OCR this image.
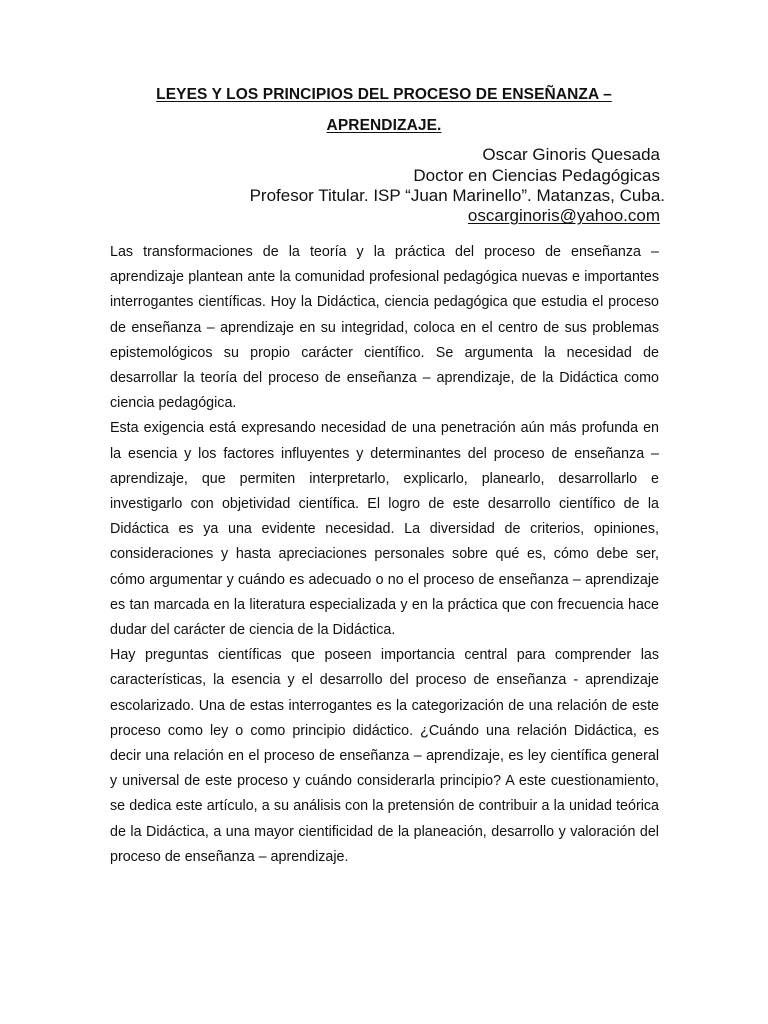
LEYES Y LOS PRINCIPIOS DEL PROCESO DE ENSEÑANZA –
APRENDIZAJE.
Oscar Ginoris Quesada
Doctor en Ciencias Pedagógicas
Profesor Titular. ISP “Juan Marinello”. Matanzas, Cuba.
oscarginoris@yahoo.com

Las transformaciones de la teoría y la práctica del proceso de enseñanza – aprendizaje plantean ante la comunidad profesional pedagógica nuevas e importantes interrogantes científicas. Hoy la Didáctica, ciencia pedagógica que estudia el proceso de enseñanza – aprendizaje en su integridad, coloca en el centro de sus problemas epistemológicos su propio carácter científico. Se argumenta la necesidad de desarrollar la teoría del proceso de enseñanza – aprendizaje, de la Didáctica como ciencia pedagógica.

Esta exigencia está expresando necesidad de una penetración aún más profunda en la esencia y los factores influyentes y determinantes del proceso de enseñanza – aprendizaje, que permiten interpretarlo, explicarlo, planearlo, desarrollarlo e investigarlo con objetividad científica. El logro de este desarrollo científico de la Didáctica es ya una evidente necesidad. La diversidad de criterios, opiniones, consideraciones y hasta apreciaciones personales sobre qué es, cómo debe ser, cómo argumentar y cuándo es adecuado o no el proceso de enseñanza – aprendizaje es tan marcada en la literatura especializada y en la práctica que con frecuencia hace dudar del carácter de ciencia de la Didáctica.

Hay preguntas científicas que poseen importancia central para comprender las características, la esencia y el desarrollo del proceso de enseñanza - aprendizaje escolarizado. Una de estas interrogantes es la categorización de una relación de este proceso como ley o como principio didáctico. ¿Cuándo una relación Didáctica, es decir una relación en el proceso de enseñanza – aprendizaje, es ley científica general y universal de este proceso y cuándo considerarla principio? A este cuestionamiento, se dedica este artículo, a su análisis con la pretensión de contribuir a la unidad teórica de la Didáctica, a una mayor cientificidad de la planeación, desarrollo y valoración del proceso de enseñanza – aprendizaje.
